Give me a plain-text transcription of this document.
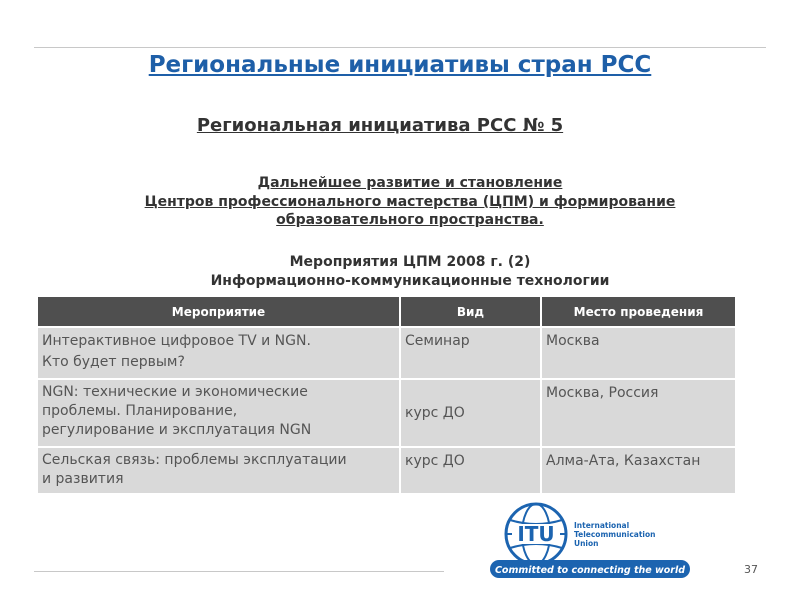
Региональные инициативы стран РСС
Региональная инициатива РСС № 5
Дальнейшее развитие и становление
Центров профессионального мастерства (ЦПМ) и формирование
образовательного пространства.
Мероприятия ЦПМ 2008 г. (2)
Информационно-коммуникационные технологии
Мероприятие	Вид	Место проведения

Интерактивное цифровое TV и NGN.
Кто будет первым?	Семинар	Москва

NGN: технические и экономические
проблемы. Планирование,
регулирование и эксплуатация NGN	курс ДО	Москва, Россия

Сельская связь: проблемы эксплуатации
и развития	курс ДО	Алма-Ата, Казахстан
ITU	International
Telecommunication
Union
Committed to connecting the world	37
